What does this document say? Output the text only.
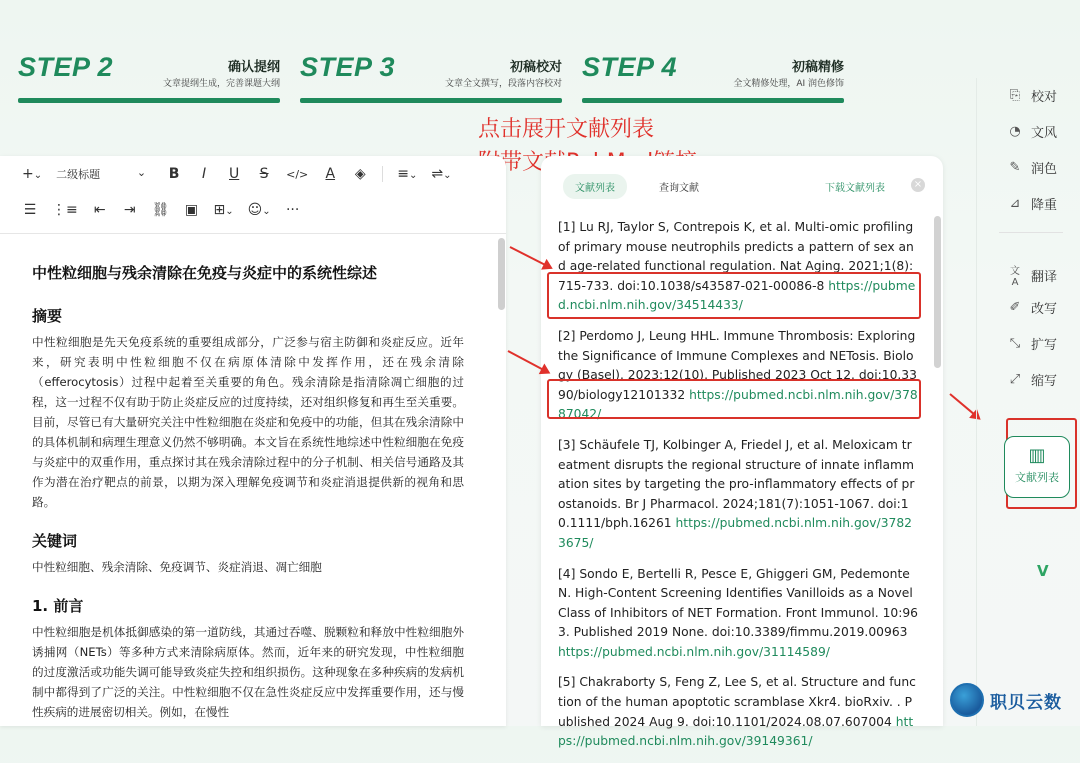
STEP 2	确认提纲
文章提纲生成，完善课题大纲
STEP 3	初稿校对
文章全文撰写，段落内容校对
STEP 4	初稿精修
全文精修处理，AI 润色修饰
点击展开文献列表
+⌄ 二级标题	⌄ B	I	U S	</> A ◈ ≡⌄ ⇌⌄
☰ ⋮≡ ⇤ ⇥ ⛓ ▣ ⊞⌄ ☺⌄ ···
中性粒细胞与残余清除在免疫与炎症中的系统性综述
摘要

中性粒细胞是先天免疫系统的重要组成部分，广泛参与宿主防御和炎症反应。近年来，研究表明中性粒细胞不仅在病原体清除中发挥作用，还在残余清除（efferocytosis）过程中起着至关重要的角色。残余清除是指清除凋亡细胞的过程，这一过程不仅有助于防止炎症反应的过度持续，还对组织修复和再生至关重要。目前，尽管已有大量研究关注中性粒细胞在炎症和免疫中的功能，但其在残余清除中的具体机制和病理生理意义仍然不够明确。本文旨在系统性地综述中性粒细胞在免疫与炎症中的双重作用，重点探讨其在残余清除过程中的分子机制、相关信号通路及其作为潜在治疗靶点的前景，以期为深入理解免疫调节和炎症消退提供新的视角和思路。

关键词

中性粒细胞、残余清除、免疫调节、炎症消退、凋亡细胞

1. 前言

中性粒细胞是机体抵御感染的第一道防线，其通过吞噬、脱颗粒和释放中性粒细胞外诱捕网（NETs）等多种方式来清除病原体。然而，近年来的研究发现，中性粒细胞的过度激活或功能失调可能导致炎症失控和组织损伤。这种现象在多种疾病的发病机制中都得到了广泛的关注。中性粒细胞不仅在急性炎症反应中发挥重要作用，还与慢性疾病的进展密切相关。例如，在慢性

文献列表	查询文献	下载文献列表	×
[1] Lu RJ, Taylor S, Contrepois K, et al. Multi-omic profiling of primary mouse neutrophils predicts a pattern of sex and age-related functional regulation. Nat Aging. 2021;1(8):715-733. doi:10.1038/s43587-021-00086-8 https://pubmed.ncbi.nlm.nih.gov/34514433/
[2] Perdomo J, Leung HHL. Immune Thrombosis: Exploring the Significance of Immune Complexes and NETosis. Biology (Basel). 2023;12(10). Published 2023 Oct 12. doi:10.3390/biology12101332 https://pubmed.ncbi.nlm.nih.gov/37887042/
[3] Schäufele TJ, Kolbinger A, Friedel J, et al. Meloxicam treatment disrupts the regional structure of innate inflammation sites by targeting the pro-inflammatory effects of prostanoids. Br J Pharmacol. 2024;181(7):1051-1067. doi:10.1111/bph.16261 https://pubmed.ncbi.nlm.nih.gov/37823675/
[4] Sondo E, Bertelli R, Pesce E, Ghiggeri GM, Pedemonte N. High-Content Screening Identifies Vanilloids as a Novel Class of Inhibitors of NET Formation. Front Immunol. 10:963. Published 2019 None. doi:10.3389/fimmu.2019.00963 https://pubmed.ncbi.nlm.nih.gov/31114589/
[5] Chakraborty S, Feng Z, Lee S, et al. Structure and function of the human apoptotic scramblase Xkr4. bioRxiv. . Published 2024 Aug 9. doi:10.1101/2024.08.07.607004 https://pubmed.ncbi.nlm.nih.gov/39149361/
⎘ 校对
◔ 文风
✎ 润色
⊿ 降重
文A 翻译
✐ 改写
⤡ 扩写
⤢ 缩写
▥
文献列表
V
职贝云数
